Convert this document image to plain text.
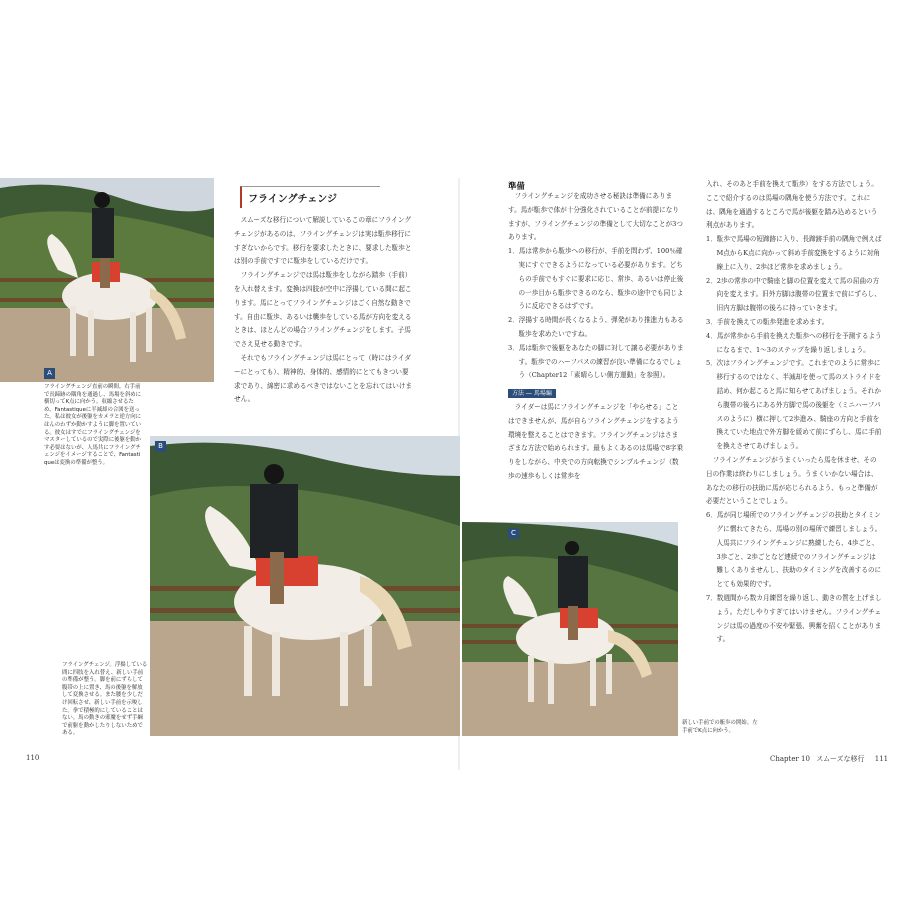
A
フライングチェンジ直前の瞬間。右手前で長蹄跡の隅角を通過し、馬場を斜めに横切ってK点に向かう。収縮させるため、Fantastiqueに半減却の合図を送った。私は彼女が後躯をカメラと逆方向にはんのわずか動かすように脚を置いている。彼女はすでにフライングチェンジをマスターしているので実際に後躯を動かす必要はないが、人馬共にフライングチェンジをイメージすることで、Fantastiqueは変換の準備が整う。
フライングチェンジ

スムーズな移行について解説しているこの章にフライングチェンジがあるのは、フライングチェンジは実は駈歩移行にすぎないからです。移行を要求したときに、要求した駈歩とは別の手前ですでに駈歩をしているだけです。

フライングチェンジでは馬は駈歩をしながら踏歩（手前）を入れ替えます。変換は四肢が空中に浮揚している間に起こります。馬にとってフライングチェンジはごく自然な動きです。自由に駈歩、あるいは襲歩をしている馬が方向を変えるときは、ほとんどの場合フライングチェンジをします。子馬でさえ見せる動きです。

それでもフライングチェンジは馬にとって（時にはライダーにとっても）、精神的、身体的、感情的にとてもきつい要求であり、綿密に求めるべきではないことを忘れてはいけません。

B
フライングチェンジ。浮揚している間に四肢を入れ替え、新しい手前の準備が整う。脚を前にずらして腹帯の上に置き、馬の後躯を解放して変換させる。また腰を少しだけ回転させ、新しい手前を示唆した。拳で積極的にしていることはない。馬の動きの邪魔をせず手綱で前躯を動かしたりしないためである。
C
新しい手前での駈歩の開始。左手前でK点に向かう。
準備

フライングチェンジを成功させる秘訣は準備にあります。馬が駈歩で体が十分強化されていることが前提になりますが、フライングチェンジの準備として大切なことが3つあります。

1．馬は常歩から駈歩への移行が、手前を問わず、100％確実にすぐできるようになっている必要があります。どちらの手前でもすぐに要求に応じ、常歩、あるいは停止後の一歩目から駈歩できるのなら、駈歩の途中でも同じように反応できるはずです。
2．浮揚する時間が長くなるよう、弾発があり推進力もある駈歩を求めたいですね。
3．馬は駈歩で後躯をあなたの脚に対して譲る必要があります。駈歩でのハーフパスの練習が良い準備になるでしょう（Chapter12「素晴らしい側方運動」を参照）。
方法 ― 馬場編

ライダーは馬にフライングチェンジを「やらせる」ことはできませんが、馬が自らフライングチェンジをするよう環境を整えることはできます。フライングチェンジはさまざまな方法で始められます。最もよくあるのは馬場で8字乗りをしながら、中央での方向転換でシンプルチェンジ（数歩の速歩もしくは常歩を

入れ、そのあと手前を換えて駈歩）をする方法でしょう。ここで紹介するのは馬場の隅角を使う方法です。これには、隅角を通過するところで馬が後躯を踏み込めるという利点があります。

1．駈歩で馬場の短蹄跡に入り、長蹄跡手前の隅角で例えばM点からK点に向かって斜め手前変換をするように対角線上に入り、2歩ほど常歩を求めましょう。
2．2歩の常歩の中で騎座と脚の位置を変えて馬の屈曲の方向を変えます。旧外方脚は腹帯の位置まで前にずらし、旧内方脚は腹帯の後ろに持っていきます。
3．手前を換えての駈歩発進を求めます。
4．馬が常歩から手前を換えた駈歩への移行を予測するようになるまで、1～3のステップを繰り返しましょう。
5．次はフライングチェンジです。これまでのように常歩に移行するのではなく、半減却を使って馬のストライドを詰め、何か起こると馬に知らせてあげましょう。それから腹帯の後ろにある外方脚で馬の後躯を（ミニハーフパスのように）横に押して2歩進み、騎座の方向と手前を換えていた地点で外方脚を緩めて前にずらし、馬に手前を換えさせてあげましょう。

フライングチェンジがうまくいったら馬を休ませ、その日の作業は終わりにしましょう。うまくいかない場合は、あなたの移行の扶助に馬が応じられるよう、もっと準備が必要だということでしょう。

6．馬が同じ場所でのフライングチェンジの扶助とタイミングに慣れてきたら、馬場の別の場所で練習しましょう。人馬共にフライングチェンジに熟練したら、4歩ごと、3歩ごと、2歩ごとなど連続でのフライングチェンジは難しくありませんし、扶助のタイミングを改善するのにとても効果的です。
7．数週間から数カ月練習を繰り返し、動きの質を上げましょう。ただしやりすぎてはいけません。フライングチェンジは馬の過度の不安や緊張、興奮を招くことがあります。
110	Chapter 10 スムーズな移行 111
